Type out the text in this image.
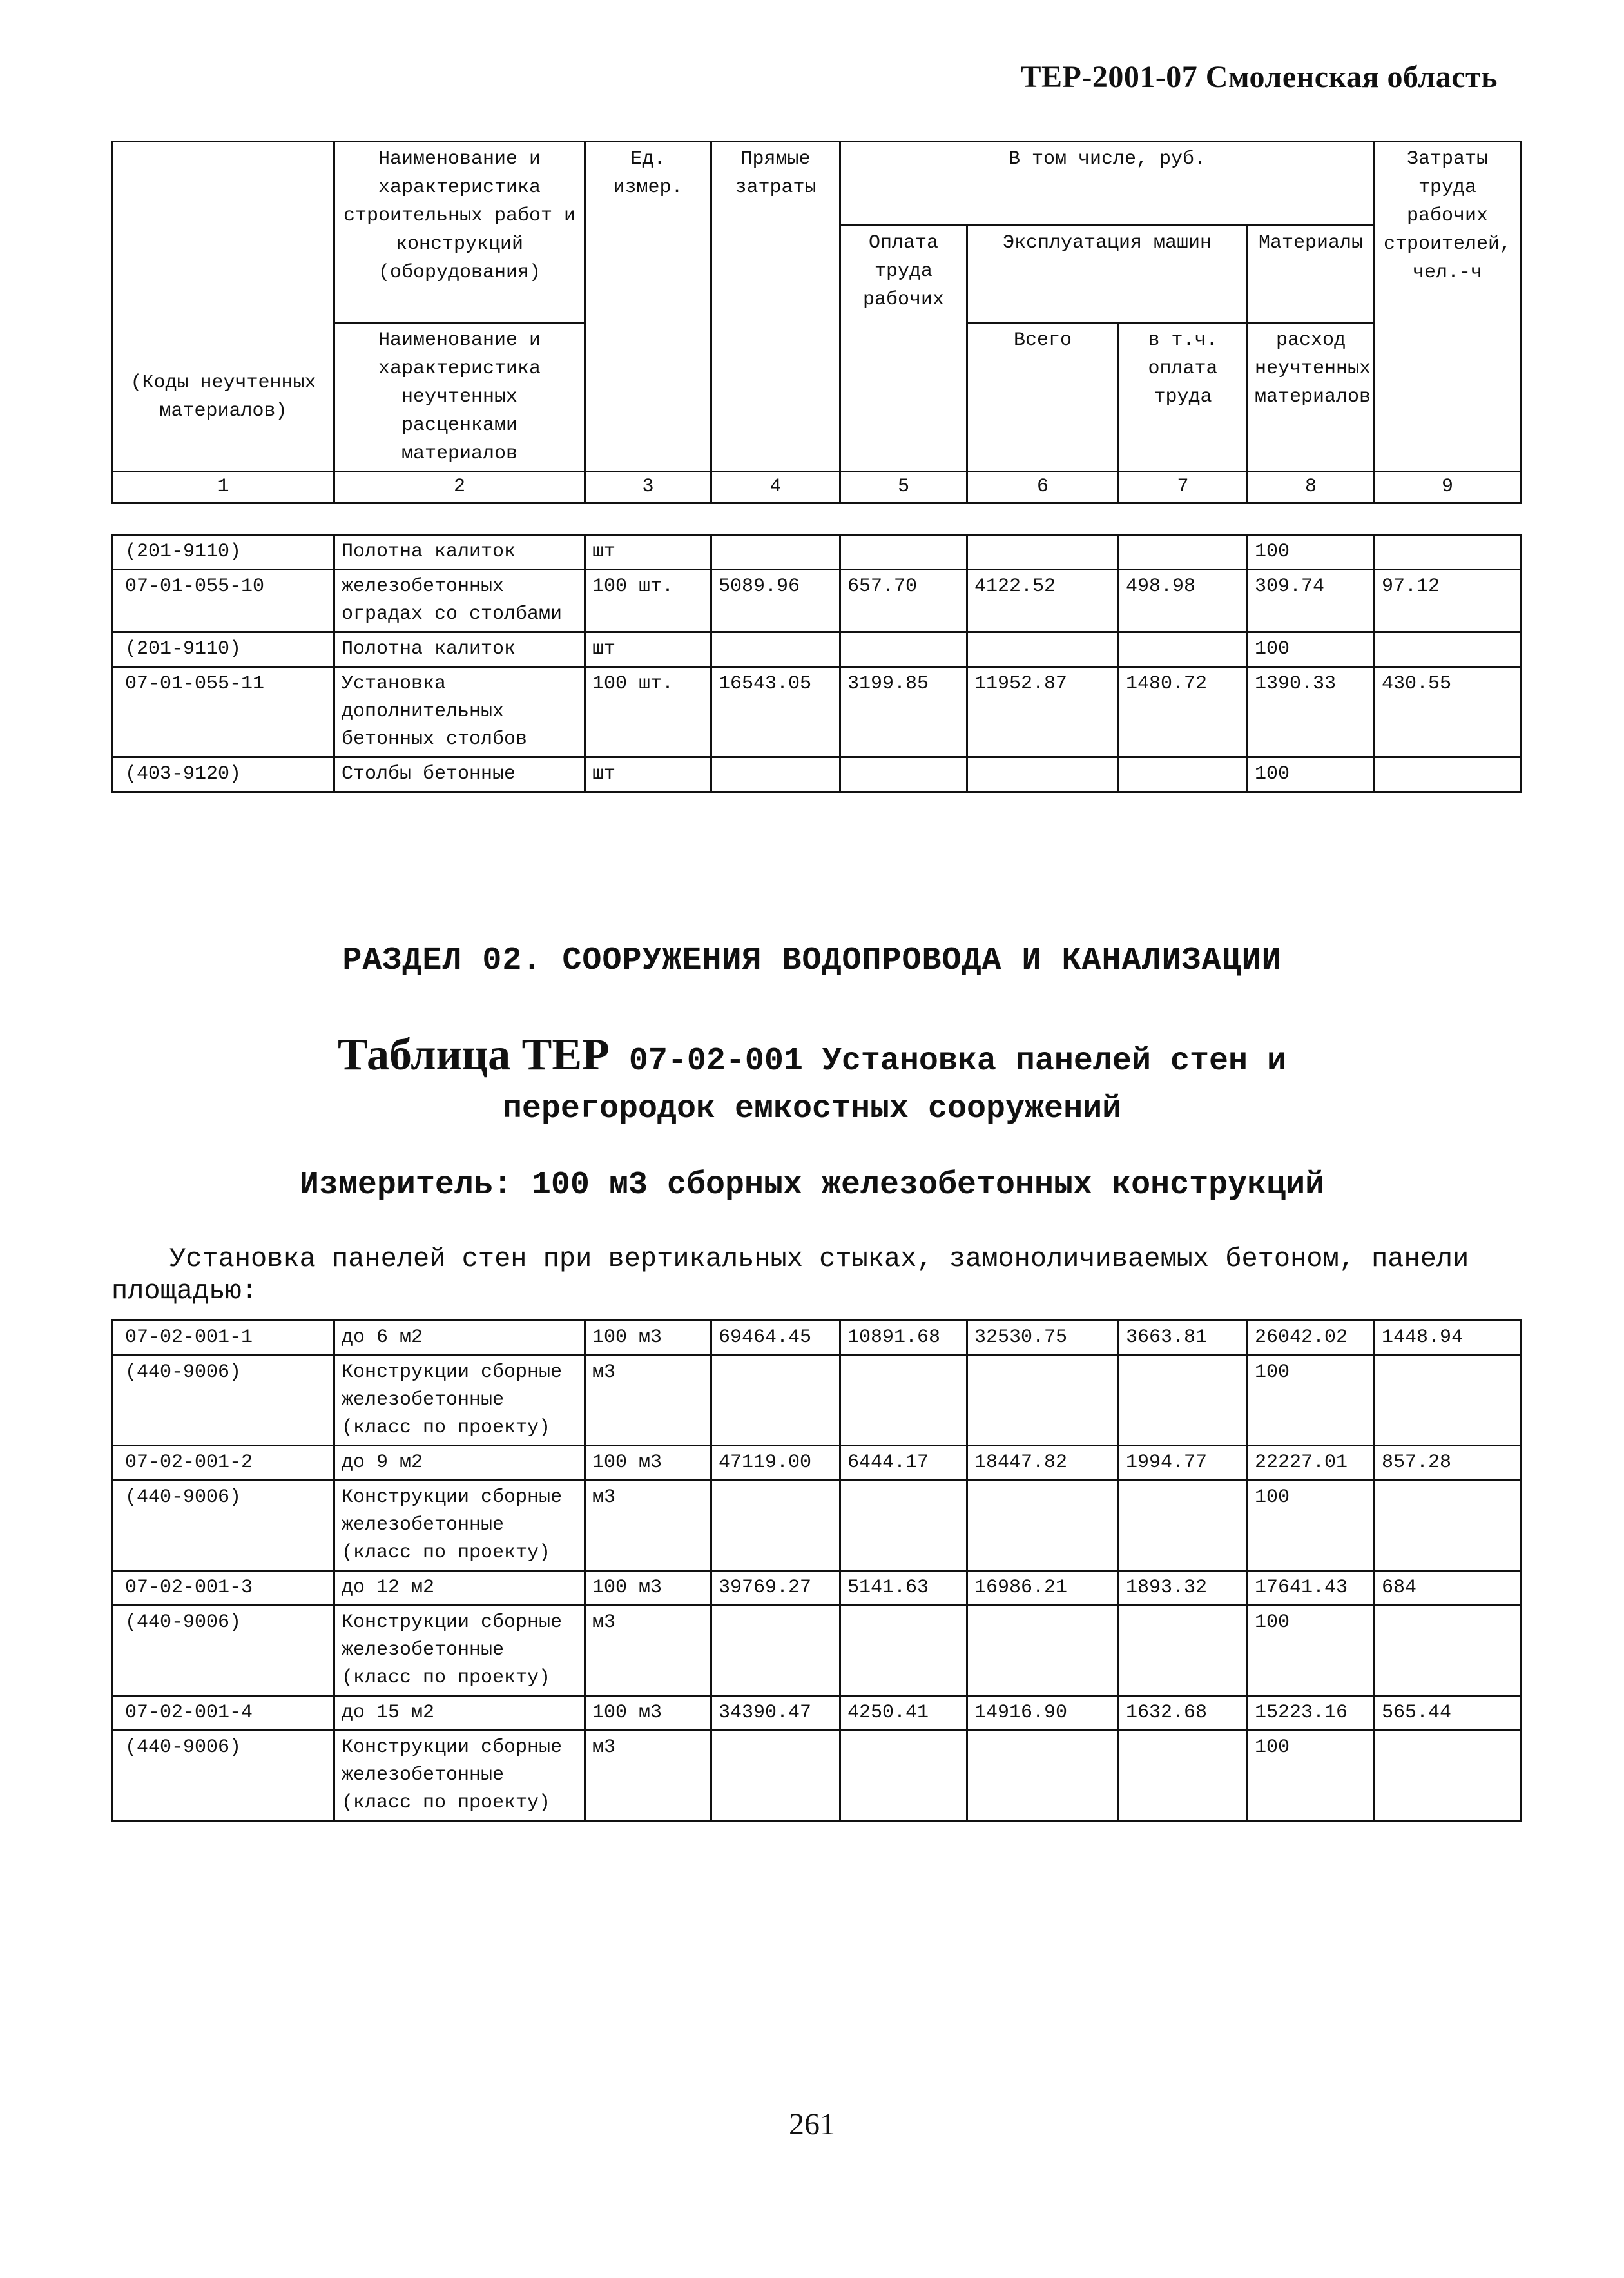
ТЕР-2001-07 Смоленская область
(Коды неучтенных материалов)	Наименование и характеристика строительных работ и конструкций (оборудования)	Ед. измер.	Прямые затраты	В том числе, руб.				Затраты труда рабочих строителей, чел.-ч
				Оплата труда рабочих	Эксплуатация машин		Материалы	
	Наименование и характеристика неучтенных расценками материалов				Всего	в т.ч. оплата труда	расход неучтенных материалов	
1	2	3	4	5	6	7	8	9
(201-9110)	Полотна калиток	шт					100	
07-01-055-10	железобетонных оградах со столбами	100 шт.	5089.96	657.70	4122.52	498.98	309.74	97.12
(201-9110)	Полотна калиток	шт					100	
07-01-055-11	Установка дополнительных бетонных столбов	100 шт.	16543.05	3199.85	11952.87	1480.72	1390.33	430.55
(403-9120)	Столбы бетонные	шт					100	
РАЗДЕЛ 02. СООРУЖЕНИЯ ВОДОПРОВОДА И КАНАЛИЗАЦИИ
Таблица ТЕР 07-02-001 Установка панелей стен и
перегородок емкостных сооружений
Измеритель: 100 м3 сборных железобетонных конструкций
Установка панелей стен при вертикальных стыках, замоноличиваемых бетоном, панели площадью:
07-02-001-1	до 6 м2	100 м3	69464.45	10891.68	32530.75	3663.81	26042.02	1448.94
(440-9006)	Конструкции сборные железобетонные (класс по проекту)	м3					100	
07-02-001-2	до 9 м2	100 м3	47119.00	6444.17	18447.82	1994.77	22227.01	857.28
(440-9006)	Конструкции сборные железобетонные (класс по проекту)	м3					100	
07-02-001-3	до 12 м2	100 м3	39769.27	5141.63	16986.21	1893.32	17641.43	684
(440-9006)	Конструкции сборные железобетонные (класс по проекту)	м3					100	
07-02-001-4	до 15 м2	100 м3	34390.47	4250.41	14916.90	1632.68	15223.16	565.44
(440-9006)	Конструкции сборные железобетонные (класс по проекту)	м3					100	
261
